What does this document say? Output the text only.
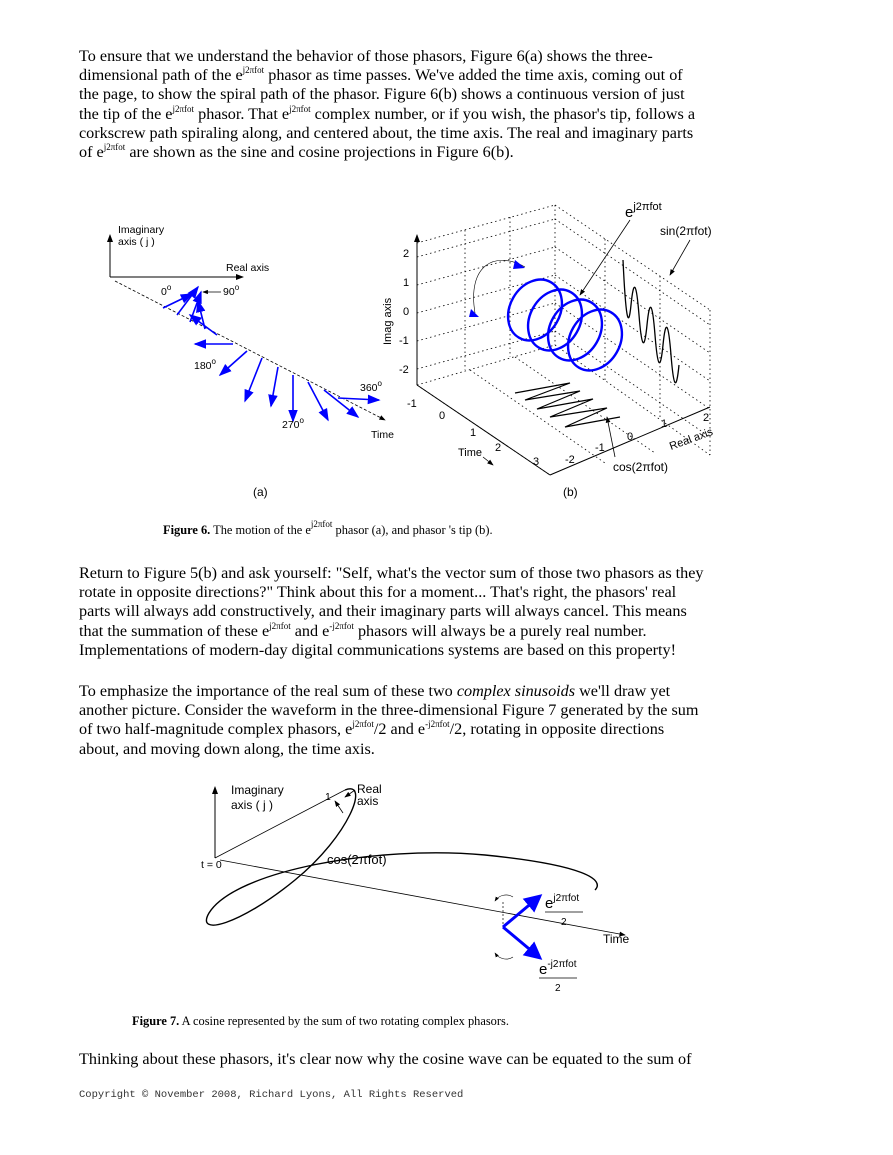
To ensure that we understand the behavior of those phasors, Figure 6(a) shows the three-
dimensional path of the $e^{j2\pi fot}$ phasor as time passes. We've added the time axis, coming out of
the page, to show the spiral path of the phasor. Figure 6(b) shows a continuous version of just
the tip of the $e^{j2\pi fot}$ phasor. That $e^{j2\pi fot}$ complex number, or if you wish, the phasor's tip, follows a
corkscrew path spiraling along, and centered about, the time axis. The real and imaginary parts
of $e^{j2\pi fot}$ are shown as the sine and cosine projections in Figure 6(b).
Imaginary
axis ( j )
Real axis
Time
0$^o$	90$^o$
180$^o$
270$^o$
360$^o$
(a)
2
1
0
-1
-2
Imag axis
-1
0
1
2
3
Time
-2
-1
0
1	2
Real axis
$e^{j2\pi fot}$
sin(2πfot)
cos(2πfot)
(b)
Figure 6. The motion of the $e^{j2\pi fot}$ phasor (a), and phasor 's tip (b).
Return to Figure 5(b) and ask yourself: "Self, what's the vector sum of those two phasors as they
rotate in opposite directions?" Think about this for a moment... That's right, the phasors' real
parts will always add constructively, and their imaginary parts will always cancel. This means
that the summation of these $e^{j2\pi fot}$ and $e^{-j2\pi fot}$ phasors will always be a purely real number.
Implementations of modern-day digital communications systems are based on this property!
To emphasize the importance of the real sum of these two complex sinusoids we'll draw yet
another picture. Consider the waveform in the three-dimensional Figure 7 generated by the sum
of two half-magnitude complex phasors, $e^{j2\pi fot}/2$ and $e^{-j2\pi fot}/2$, rotating in opposite directions
about, and moving down along, the time axis.
Imaginary
axis ( j )
1
Real
axis
t = 0
Time
cos(2πfot)
$e^{j2\pi fot}$
2
$e^{-j2\pi fot}$
2
Figure 7. A cosine represented by the sum of two rotating complex phasors.
Thinking about these phasors, it's clear now why the cosine wave can be equated to the sum of
Copyright © November 2008, Richard Lyons, All Rights Reserved
